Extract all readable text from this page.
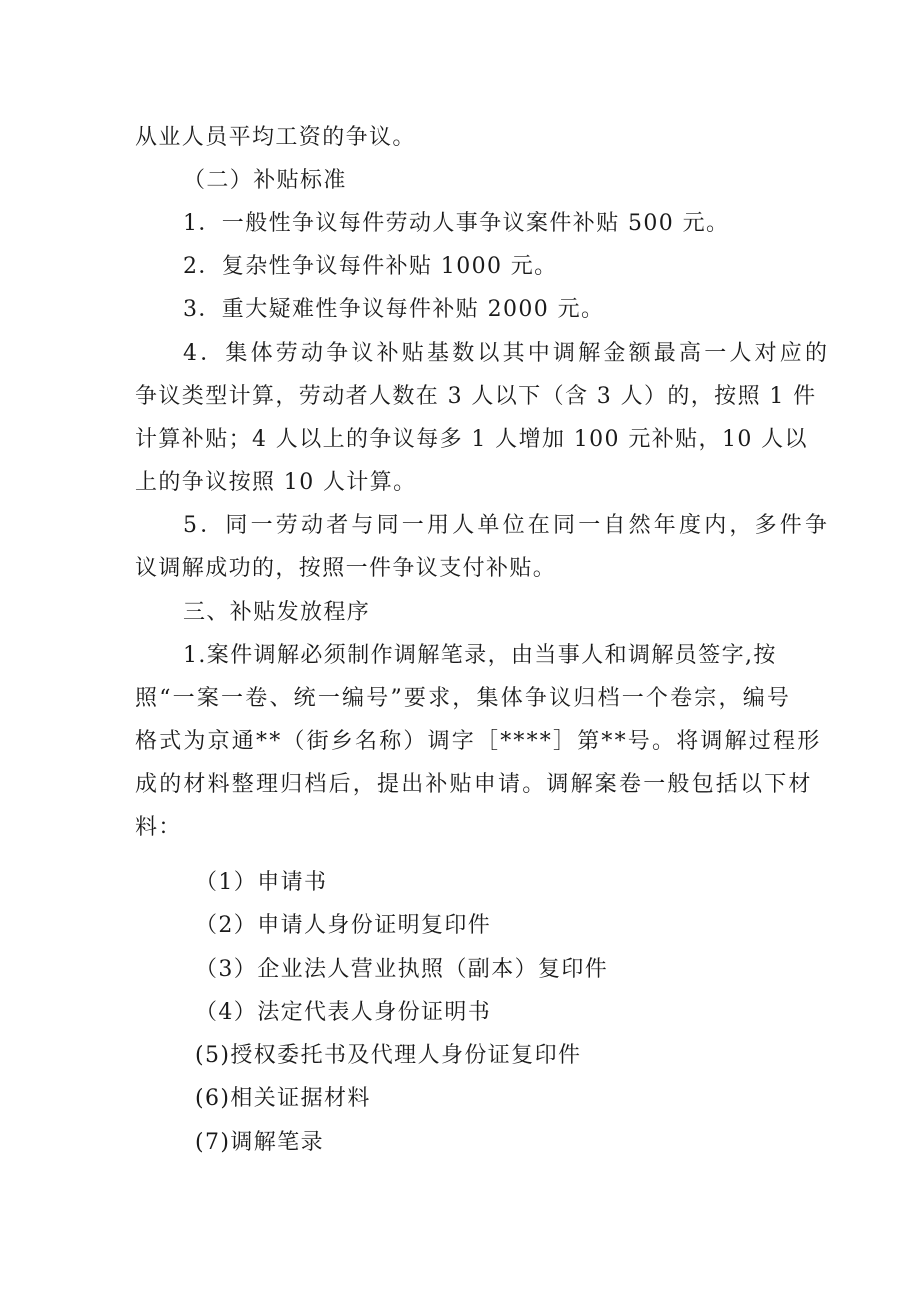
从业人员平均工资的争议。
（二）补贴标准
1．一般性争议每件劳动人事争议案件补贴 500 元。
2．复杂性争议每件补贴 1000 元。
3．重大疑难性争议每件补贴 2000 元。
4．集体劳动争议补贴基数以其中调解金额最高一人对应的
争议类型计算，劳动者人数在 3 人以下（含 3 人）的，按照 1 件
计算补贴；4 人以上的争议每多 1 人增加 100 元补贴，10 人以
上的争议按照 10 人计算。
5．同一劳动者与同一用人单位在同一自然年度内，多件争
议调解成功的，按照一件争议支付补贴。
三、补贴发放程序
1.案件调解必须制作调解笔录，由当事人和调解员签字,按
照“一案一卷、统一编号”要求，集体争议归档一个卷宗，编号
格式为京通**（街乡名称）调字［****］第**号。将调解过程形
成的材料整理归档后，提出补贴申请。调解案卷一般包括以下材
料：
（1）申请书
（2）申请人身份证明复印件
（3）企业法人营业执照（副本）复印件
（4）法定代表人身份证明书
(5)授权委托书及代理人身份证复印件
(6)相关证据材料
(7)调解笔录
